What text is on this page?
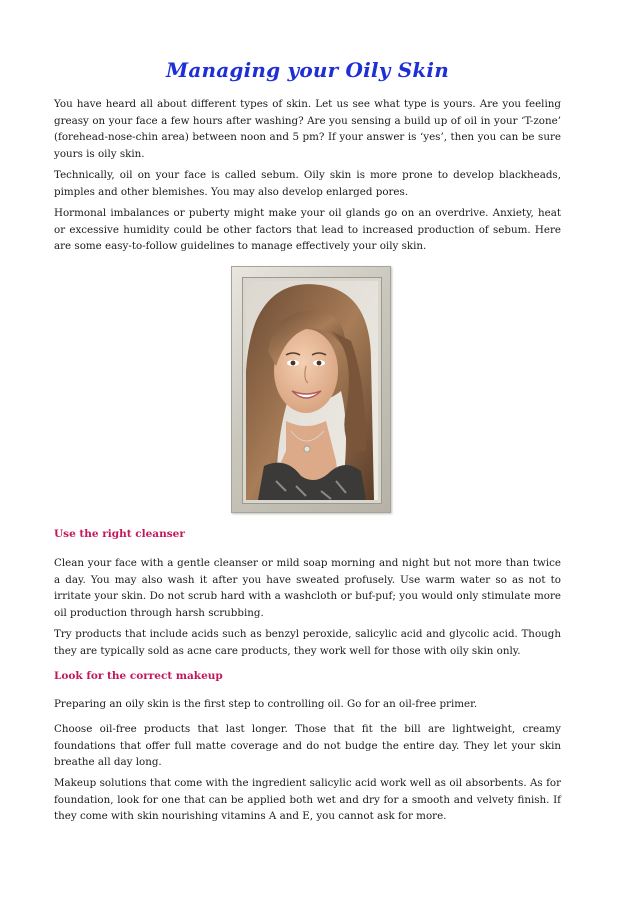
Managing your Oily Skin

You have heard all about different types of skin. Let us see what type is yours. Are you feeling greasy on your face a few hours after washing? Are you sensing a build up of oil in your ‘T-zone’ (forehead-nose-chin area) between noon and 5 pm? If your answer is ‘yes’, then you can be sure yours is oily skin.

Technically, oil on your face is called sebum. Oily skin is more prone to develop blackheads, pimples and other blemishes. You may also develop enlarged pores.

Hormonal imbalances or puberty might make your oil glands go on an overdrive. Anxiety, heat or excessive humidity could be other factors that lead to increased production of sebum. Here are some easy-to-follow guidelines to manage effectively your oily skin.

Use the right cleanser

Clean your face with a gentle cleanser or mild soap morning and night but not more than twice a day. You may also wash it after you have sweated profusely. Use warm water so as not to irritate your skin. Do not scrub hard with a washcloth or buf-puf; you would only stimulate more oil production through harsh scrubbing.

Try products that include acids such as benzyl peroxide, salicylic acid and glycolic acid. Though they are typically sold as acne care products, they work well for those with oily skin only.

Look for the correct makeup

Preparing an oily skin is the first step to controlling oil. Go for an oil-free primer.

Choose oil-free products that last longer. Those that fit the bill are lightweight, creamy foundations that offer full matte coverage and do not budge the entire day. They let your skin breathe all day long.

Makeup solutions that come with the ingredient salicylic acid work well as oil absorbents. As for foundation, look for one that can be applied both wet and dry for a smooth and velvety finish. If they come with skin nourishing vitamins A and E, you cannot ask for more.
